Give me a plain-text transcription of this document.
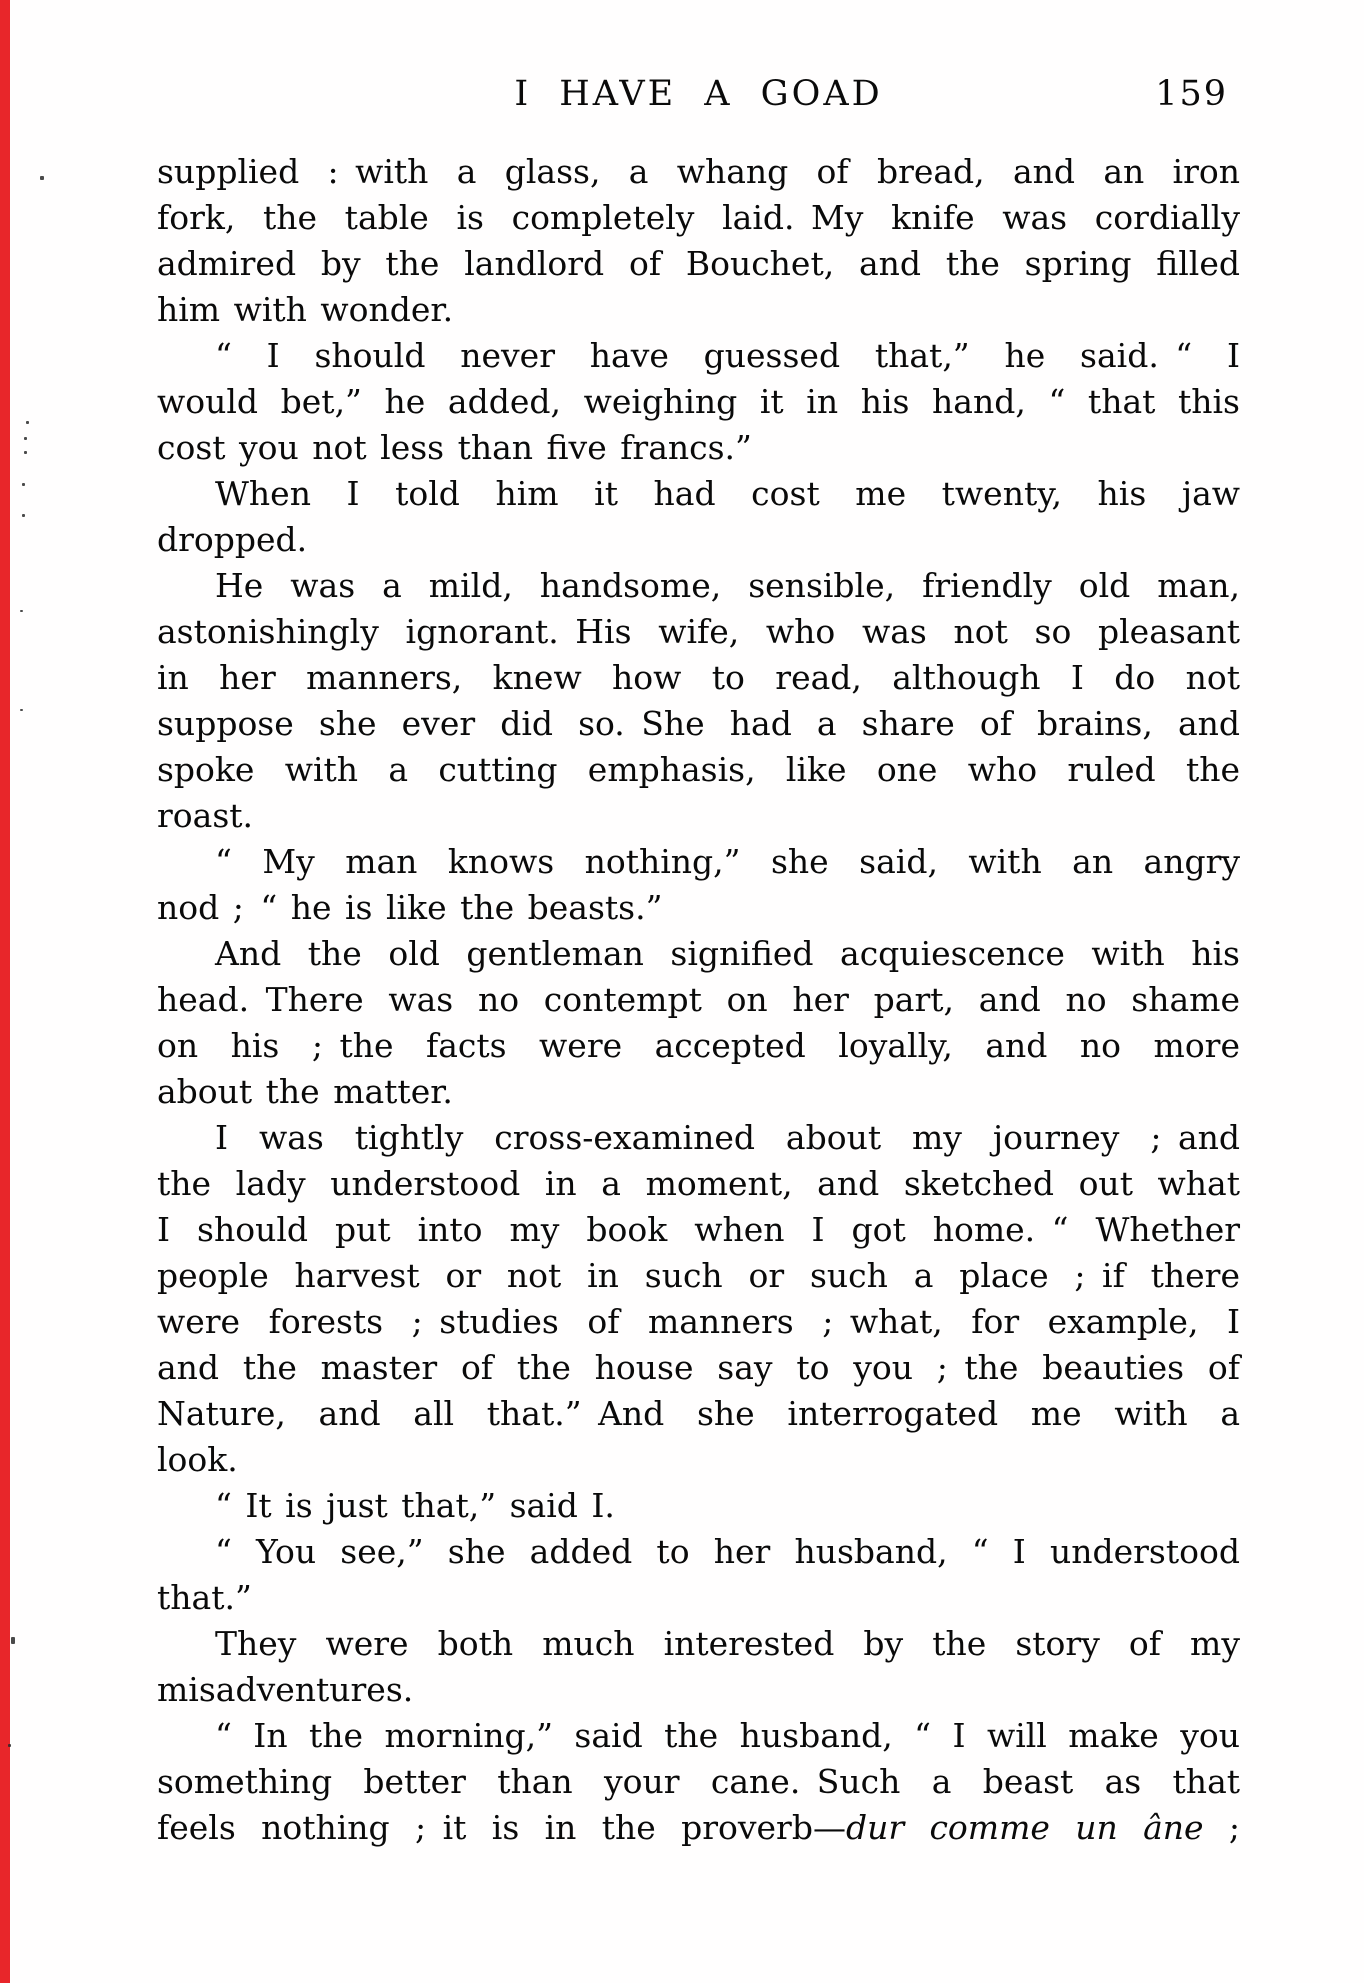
I HAVE A GOAD	159
supplied : with a glass, a whang of bread, and an iron
fork, the table is completely laid. My knife was cordially
admired by the landlord of Bouchet, and the spring filled
him with wonder.
“ I should never have guessed that,” he said. “ I
would bet,” he added, weighing it in his hand, “ that this
cost you not less than five francs.”
When I told him it had cost me twenty, his jaw
dropped.
He was a mild, handsome, sensible, friendly old man,
astonishingly ignorant. His wife, who was not so pleasant
in her manners, knew how to read, although I do not
suppose she ever did so. She had a share of brains, and
spoke with a cutting emphasis, like one who ruled the
roast.
“ My man knows nothing,” she said, with an angry
nod ; “ he is like the beasts.”
And the old gentleman signified acquiescence with his
head. There was no contempt on her part, and no shame
on his ; the facts were accepted loyally, and no more
about the matter.
I was tightly cross-examined about my journey ; and
the lady understood in a moment, and sketched out what
I should put into my book when I got home. “ Whether
people harvest or not in such or such a place ; if there
were forests ; studies of manners ; what, for example, I
and the master of the house say to you ; the beauties of
Nature, and all that.” And she interrogated me with a
look.
“ It is just that,” said I.
“ You see,” she added to her husband, “ I understood
that.”
They were both much interested by the story of my
misadventures.
“ In the morning,” said the husband, “ I will make you
something better than your cane. Such a beast as that
feels nothing ; it is in the proverb—dur comme un âne ;
